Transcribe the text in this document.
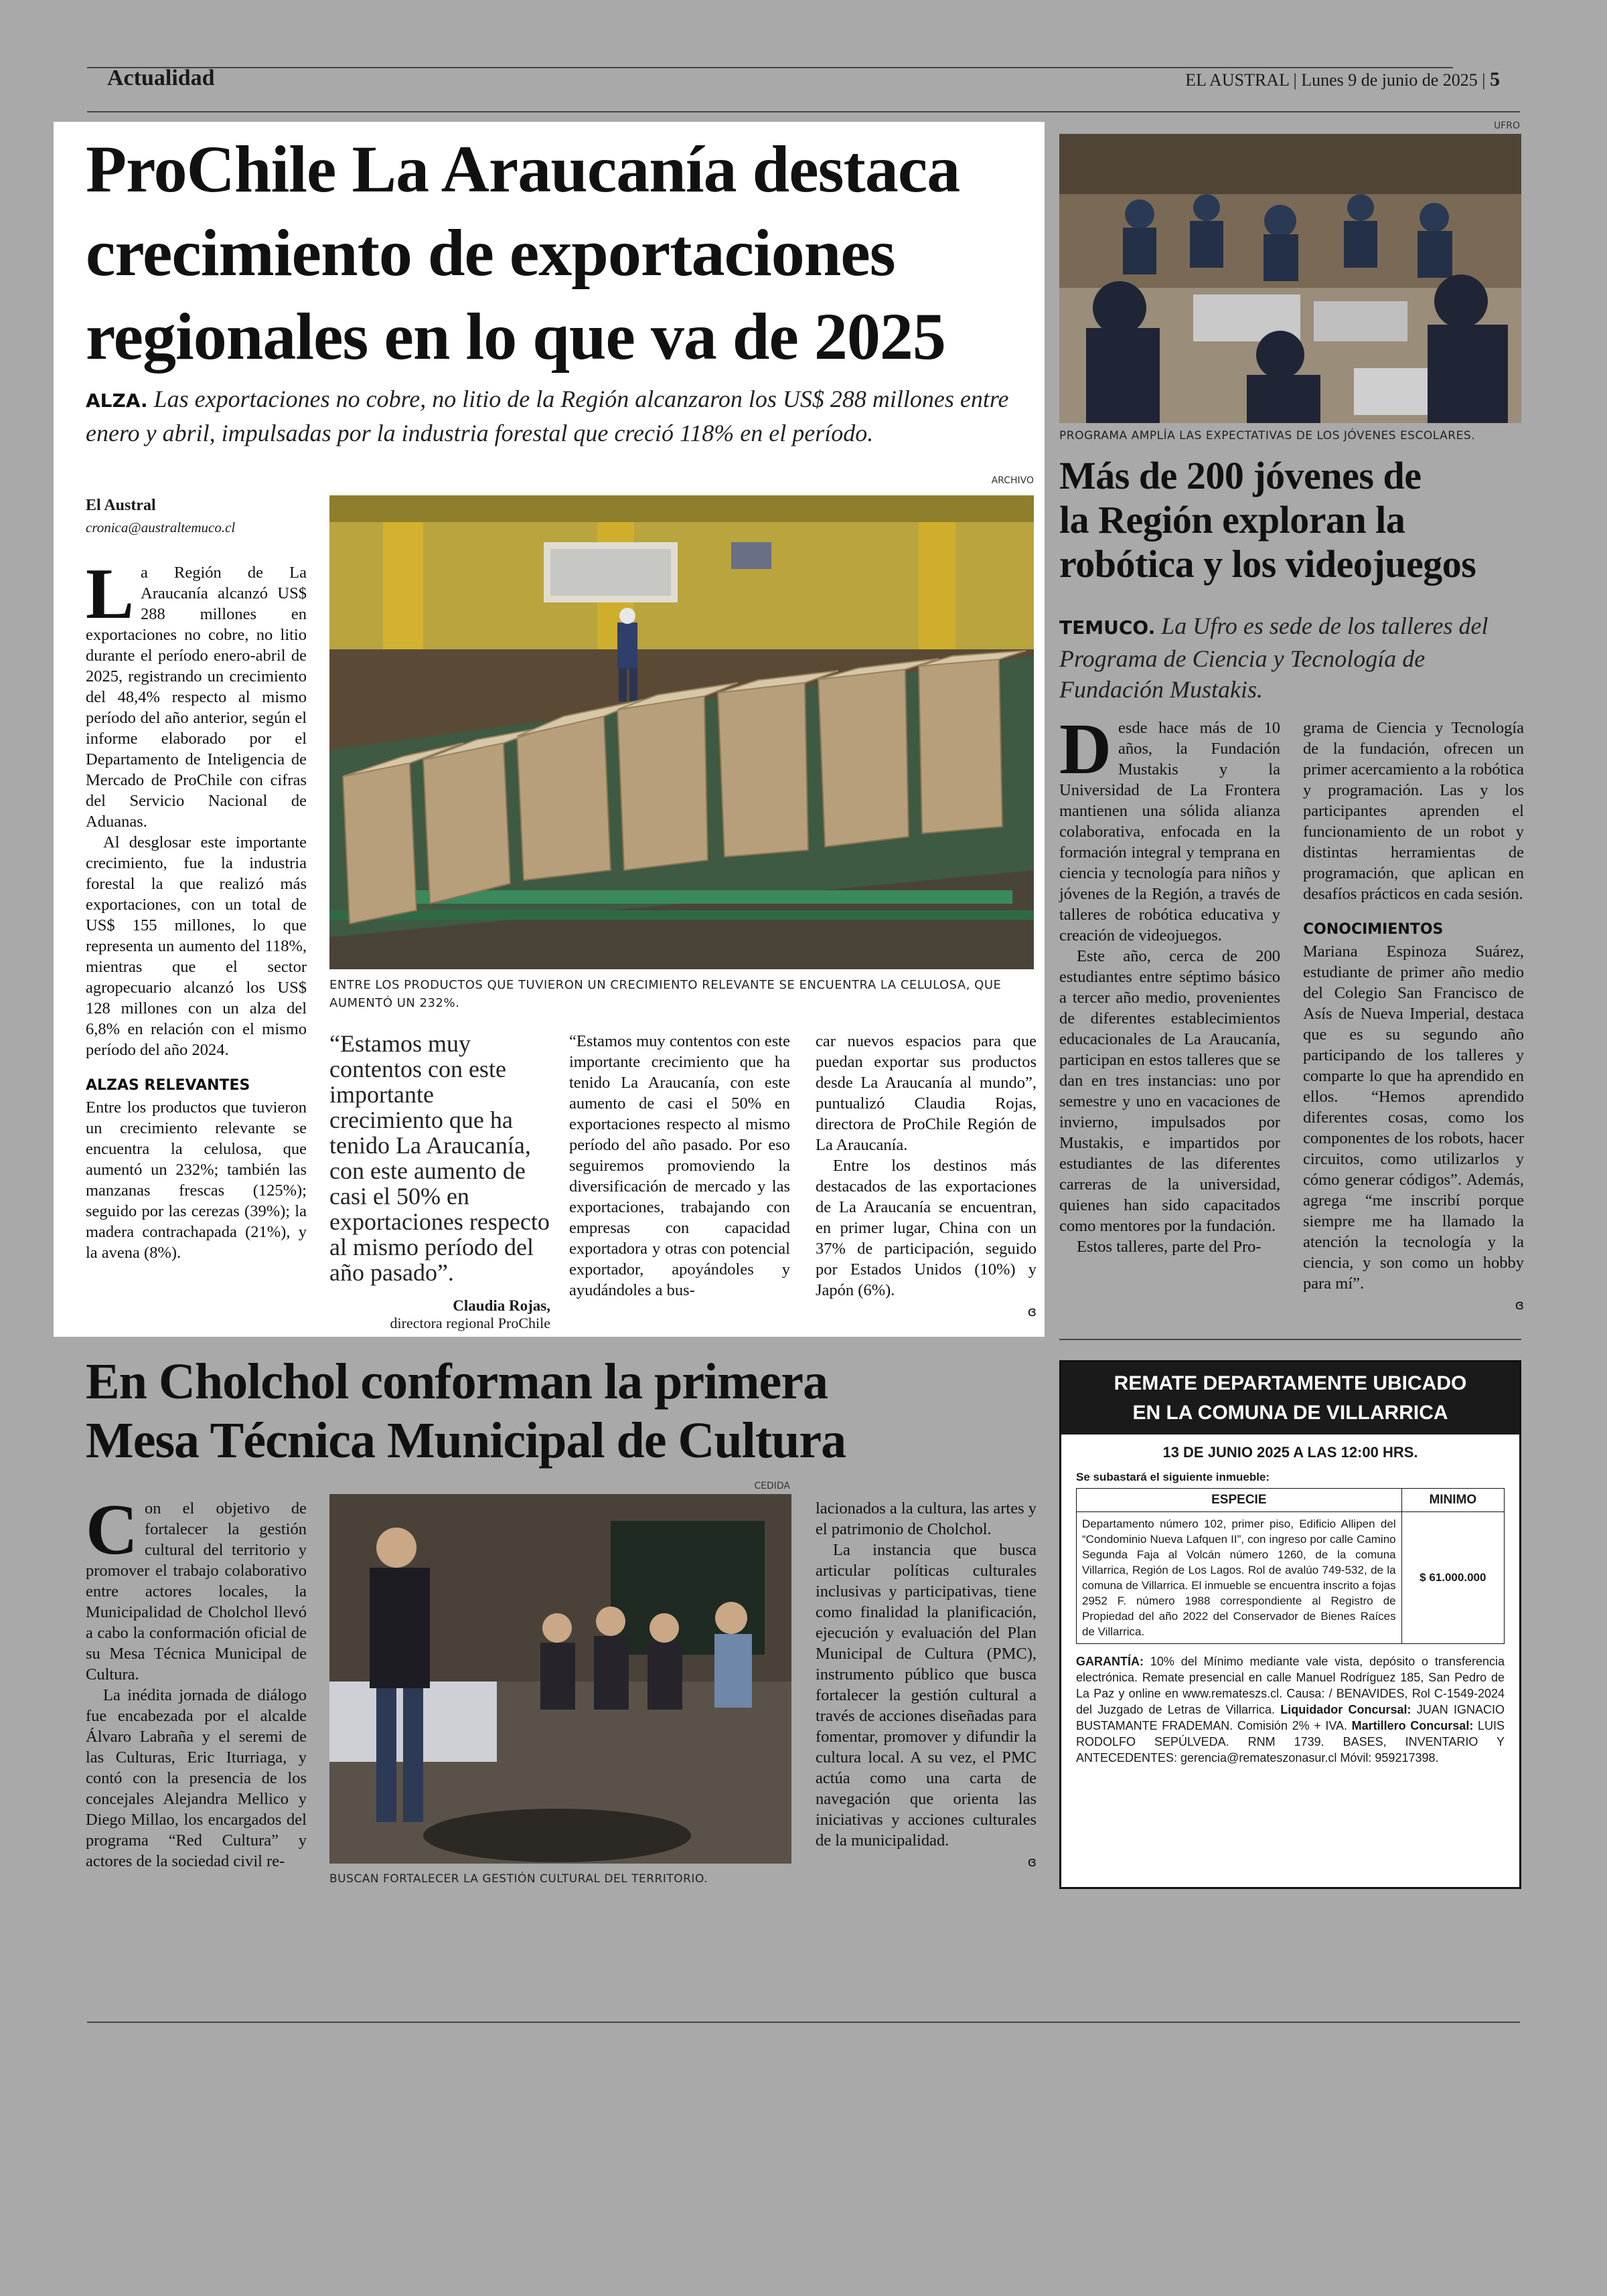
Actualidad	EL AUSTRAL | Lunes 9 de junio de 2025 | 5
ProChile La Araucanía destaca
crecimiento de exportaciones
regionales en lo que va de 2025
ALZA. Las exportaciones no cobre, no litio de la Región alcanzaron los US$ 288 millones entre enero y abril, impulsadas por la industria forestal que creció 118% en el período.
El Austral
cronica@australtemuco.cl
ARCHIVO
ENTRE LOS PRODUCTOS QUE TUVIERON UN CRECIMIENTO RELEVANTE SE ENCUENTRA LA CELULOSA, QUE AUMENTÓ UN 232%.
L a Región de La Araucanía alcanzó US$ 288 millones en exportaciones no cobre, no litio durante el período enero-abril de 2025, registrando un crecimiento del 48,4% respecto al mismo período del año anterior, según el informe elaborado por el Departamento de Inteligencia de Mercado de ProChile con cifras del Servicio Nacional de Aduanas.

Al desglosar este importante crecimiento, fue la industria forestal la que realizó más exportaciones, con un total de US$ 155 millones, lo que representa un aumento del 118%, mientras que el sector agropecuario alcanzó los US$ 128 millones con un alza del 6,8% en relación con el mismo período del año 2024.

ALZAS RELEVANTES

Entre los productos que tuvieron un crecimiento relevante se encuentra la celulosa, que aumentó un 232%; también las manzanas frescas (125%); seguido por las cerezas (39%); la madera contrachapada (21%), y la avena (8%).

“Estamos muy contentos con este importante crecimiento que ha tenido La Araucanía, con este aumento de casi el 50% en exportaciones respecto al mismo período del año pasado”.
Claudia Rojas,
directora regional ProChile

“Estamos muy contentos con este importante crecimiento que ha tenido La Araucanía, con este aumento de casi el 50% en exportaciones respecto al mismo período del año pasado. Por eso seguiremos promoviendo la diversificación de mercado y las exportaciones, trabajando con empresas con capacidad exportadora y otras con potencial exportador, apoyándoles y ayudándoles a bus-

car nuevos espacios para que puedan exportar sus productos desde La Araucanía al mundo”, puntualizó Claudia Rojas, directora de ProChile Región de La Araucanía.

Entre los destinos más destacados de las exportaciones de La Araucanía se encuentran, en primer lugar, China con un 37% de participación, seguido por Estados Unidos (10%) y Japón (6%).

ɞ
UFRO
PROGRAMA AMPLÍA LAS EXPECTATIVAS DE LOS JÓVENES ESCOLARES.
Más de 200 jóvenes de
la Región exploran la
robótica y los videojuegos
TEMUCO. La Ufro es sede de los talleres del Programa de Ciencia y Tecnología de Fundación Mustakis.
D esde hace más de 10 años, la Fundación Mustakis y la Universidad de La Frontera mantienen una sólida alianza colaborativa, enfocada en la formación integral y temprana en ciencia y tecnología para niños y jóvenes de la Región, a través de talleres de robótica educativa y creación de videojuegos.

Este año, cerca de 200 estudiantes entre séptimo básico a tercer año medio, provenientes de diferentes establecimientos educacionales de La Araucanía, participan en estos talleres que se dan en tres instancias: uno por semestre y uno en vacaciones de invierno, impulsados por Mustakis, e impartidos por estudiantes de las diferentes carreras de la universidad, quienes han sido capacitados como mentores por la fundación.

Estos talleres, parte del Pro-

grama de Ciencia y Tecnología de la fundación, ofrecen un primer acercamiento a la robótica y programación. Las y los participantes aprenden el funcionamiento de un robot y distintas herramientas de programación, que aplican en desafíos prácticos en cada sesión.

CONOCIMIENTOS

Mariana Espinoza Suárez, estudiante de primer año medio del Colegio San Francisco de Asís de Nueva Imperial, destaca que es su segundo año participando de los talleres y comparte lo que ha aprendido en ellos. “Hemos aprendido diferentes cosas, como los componentes de los robots, hacer circuitos, como utilizarlos y cómo generar códigos”. Además, agrega “me inscribí porque siempre me ha llamado la atención la tecnología y la ciencia, y son como un hobby para mí”.

ɞ
En Cholchol conforman la primera
Mesa Técnica Municipal de Cultura
C on el objetivo de fortalecer la gestión cultural del territorio y promover el trabajo colaborativo entre actores locales, la Municipalidad de Cholchol llevó a cabo la conformación oficial de su Mesa Técnica Municipal de Cultura.

La inédita jornada de diálogo fue encabezada por el alcalde Álvaro Labraña y el seremi de las Culturas, Eric Iturriaga, y contó con la presencia de los concejales Alejandra Mellico y Diego Millao, los encargados del programa “Red Cultura” y actores de la sociedad civil re-

CEDIDA
BUSCAN FORTALECER LA GESTIÓN CULTURAL DEL TERRITORIO.

lacionados a la cultura, las artes y el patrimonio de Cholchol.

La instancia que busca articular políticas culturales inclusivas y participativas, tiene como finalidad la planificación, ejecución y evaluación del Plan Municipal de Cultura (PMC), instrumento público que busca fortalecer la gestión cultural a través de acciones diseñadas para fomentar, promover y difundir la cultura local. A su vez, el PMC actúa como una carta de navegación que orienta las iniciativas y acciones culturales de la municipalidad.

ɞ
REMATE DEPARTAMENTE UBICADO
EN LA COMUNA DE VILLARRICA
13 DE JUNIO 2025 A LAS 12:00 HRS.
Se subastará el siguiente inmueble:
ESPECIE	MINIMO
Departamento número 102, primer piso, Edificio Allipen del “Condominio Nueva Lafquen II”, con ingreso por calle Camino Segunda Faja al Volcán número 1260, de la comuna Villarrica, Región de Los Lagos. Rol de avalúo 749-532, de la comuna de Villarrica. El inmueble se encuentra inscrito a fojas 2952 F. número 1988 correspondiente al Registro de Propiedad del año 2022 del Conservador de Bienes Raíces de Villarrica.	$ 61.000.000
GARANTÍA: 10% del Mínimo mediante vale vista, depósito o transferencia electrónica. Remate presencial en calle Manuel Rodríguez 185, San Pedro de La Paz y online en www.remateszs.cl. Causa: / BENAVIDES, Rol C-1549-2024 del Juzgado de Letras de Villarrica. Liquidador Concursal: JUAN IGNACIO BUSTAMANTE FRADEMAN. Comisión 2% + IVA. Martillero Concursal: LUIS RODOLFO SEPÚLVEDA. RNM 1739. BASES, INVENTARIO Y ANTECEDENTES: gerencia@remateszonasur.cl Móvil: 959217398.
